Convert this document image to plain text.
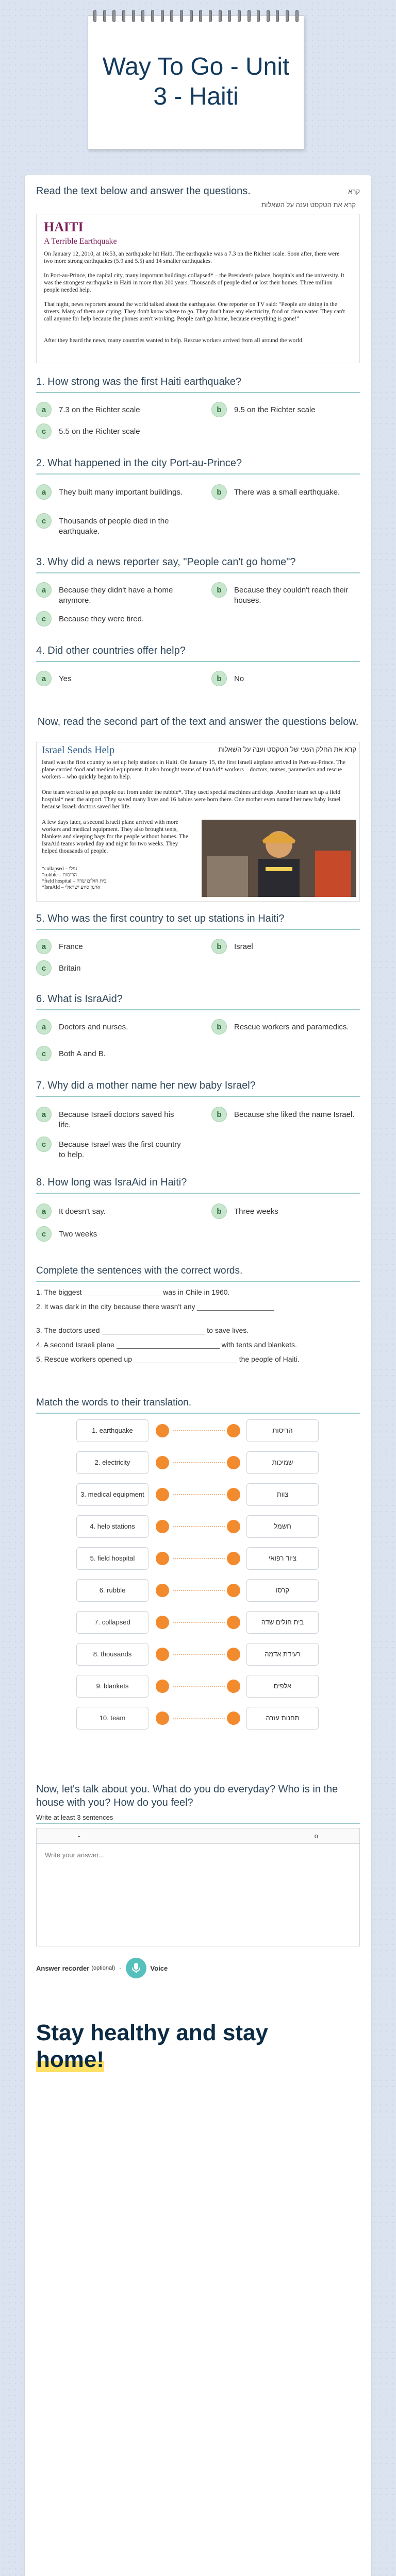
Way To Go - Unit 3 - Haiti
Read the text below and answer the questions.	קרא
קרא את הטקסט וענה על השאלות
HAITI
A Terrible Earthquake
On January 12, 2010, at 16:53, an earthquake hit Haiti. The earthquake was a 7.3 on the Richter scale. Soon after, there were two more strong earthquakes (5.9 and 5.5) and 14 smaller earthquakes.
In Port-au-Prince, the capital city, many important buildings collapsed* – the President's palace, hospitals and the university. It was the strongest earthquake in Haiti in more than 200 years. Thousands of people died or lost their homes. Three million people needed help.
That night, news reporters around the world talked about the earthquake. One reporter on TV said: "People are sitting in the streets. Many of them are crying. They don't know where to go. They don't have any electricity, food or clean water. They can't call anyone for help because the phones aren't working. People can't go home, because everything is gone!"
After they heard the news, many countries wanted to help. Rescue workers arrived from all around the world.
1. How strong was the first Haiti earthquake?
a	7.3 on the Richter scale	b	9.5 on the Richter scale
c	5.5 on the Richter scale
2. What happened in the city Port-au-Prince?
a	They built many important buildings.	b	There was a small earthquake.
c	Thousands of people died in the earthquake.
3. Why did a news reporter say, "People can't go home"?
a	Because they didn't have a home anymore.
b	Because they couldn't reach their houses.
c	Because they were tired.
4. Did other countries offer help?
a	Yes	b	No
Now, read the second part of the text and answer the questions below.
Israel Sends Help	קרא את החלק השני של הטקסט וענה על השאלות
Israel was the first country to set up help stations in Haiti. On January 15, the first Israeli airplane arrived in Port-au-Prince. The plane carried food and medical equipment. It also brought teams of IsraAid* workers – doctors, nurses, paramedics and rescue workers – who quickly began to help.
One team worked to get people out from under the rubble*. They used special machines and dogs. Another team set up a field hospital* near the airport. They saved many lives and 16 babies were born there. One mother even named her new baby Israel because Israeli doctors saved her life.
A few days later, a second Israeli plane arrived with more workers and medical equipment. They also brought tents, blankets and sleeping bags for the people without homes. The IsraAid teams worked day and night for two weeks. They helped thousands of people.
*collapsed – נפלו
*rubble – הריסות
*field hospital – בית חולים שדה
*IsraAid – ארגון סיוע ישראלי
5. Who was the first country to set up stations in Haiti?
a	France	b	Israel
c	Britain
6. What is IsraAid?
a	Doctors and nurses.	b	Rescue workers and paramedics.
c	Both A and B.
7. Why did a mother name her new baby Israel?
a	Because Israeli doctors saved his life.
b	Because she liked the name Israel.
c	Because Israel was the first country to help.
8. How long was IsraAid in Haiti?
a	It doesn't say.	b	Three weeks
c	Two weeks
Complete the sentences with the correct words.
1. The biggest	was in Chile in 1960.
2. It was dark in the city because there wasn't any
3. The doctors used	to save lives.
4. A second Israeli plane	with tents and blankets.
5. Rescue workers opened up	the people of Haiti.
Match the words to their translation.
1. earthquake	הריסות
2. electricity	שמיכות
3. medical equipment	צוות
4. help stations	חשמל
5. field hospital	ציוד רפואי
6. rubble	קרסו
7. collapsed	בית חולים שדה
8. thousands	רעידת אדמה
9. blankets	אלפים
10. team	תחנות עזרה
Now, let's talk about you. What do you do everyday? Who is in the house with you? How do you feel?
Write at least 3 sentences
-	o
Write your answer...
Answer recorder (optional) -	Voice
Stay healthy and stay
home!
